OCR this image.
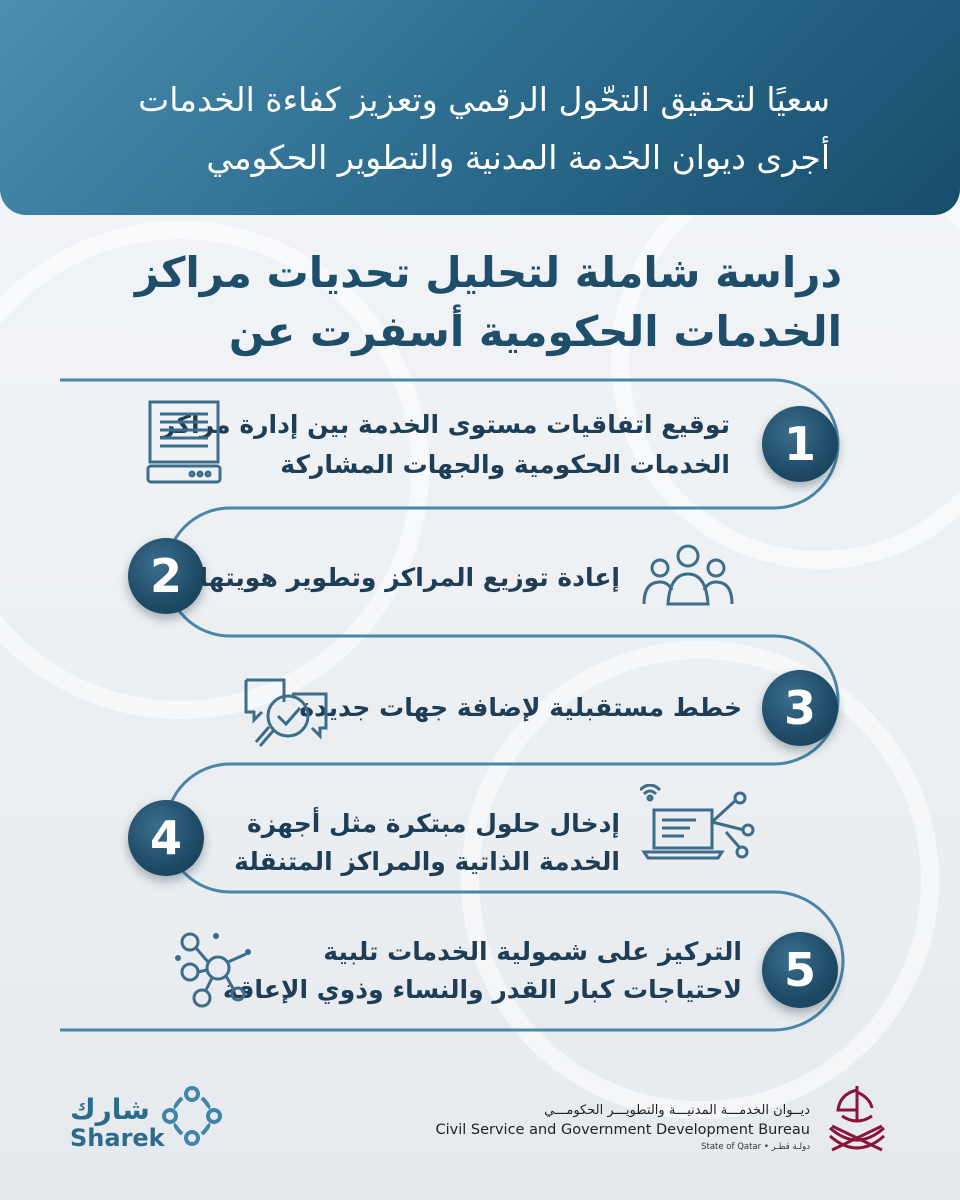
سعيًا لتحقيق التحّول الرقمي وتعزيز كفاءة الخدمات
أجرى ديوان الخدمة المدنية والتطوير الحكومي
دراسة شاملة لتحليل تحديات مراكز
الخدمات الحكومية أسفرت عن
1
توقيع اتفاقيات مستوى الخدمة بين إدارة مراكز
الخدمات الحكومية والجهات المشاركة
2 إعادة توزيع المراكز وتطوير هويتها
3
خطط مستقبلية لإضافة جهات جديدة
4	إدخال حلول مبتكرة مثل أجهزة
الخدمة الذاتية والمراكز المتنقلة
5
التركيز على شمولية الخدمات تلبية
لاحتياجات كبار القدر والنساء وذوي الإعاقة
شارك
Sharek
ديــوان الخدمـــة المدنيـــة والتطويـــر الحكومـــي
Civil Service and Government Development Bureau
State of Qatar • دولـة قطـر
